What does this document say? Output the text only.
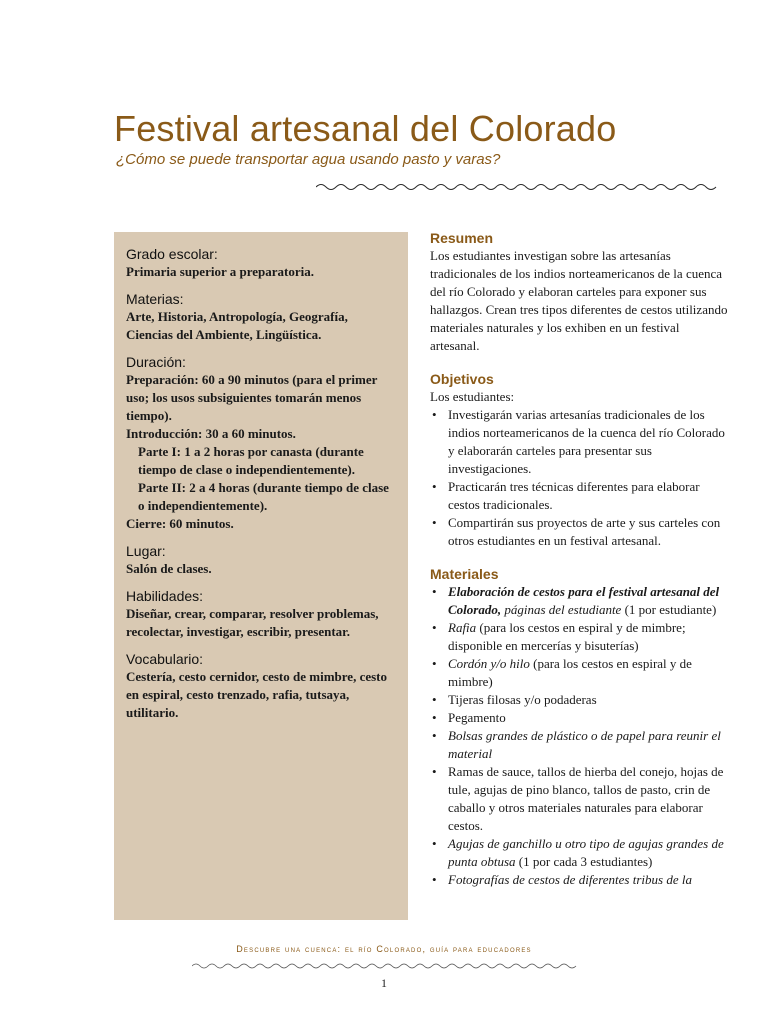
Festival artesanal del Colorado

¿Cómo se puede transportar agua usando pasto y varas?

Grado escolar:

Primaria superior a preparatoria.

Materias:

Arte, Historia, Antropología, Geografía, Ciencias del Ambiente, Lingüística.

Duración:

Preparación: 60 a 90 minutos (para el primer uso; los usos subsiguientes tomarán menos tiempo).

Introducción: 30 a 60 minutos.

Parte I: 1 a 2 horas por canasta (durante tiempo de clase o independientemente).

Parte II: 2 a 4 horas (durante tiempo de clase o independientemente).

Cierre: 60 minutos.

Lugar:

Salón de clases.

Habilidades:

Diseñar, crear, comparar, resolver problemas, recolectar, investigar, escribir, presentar.

Vocabulario:

Cestería, cesto cernidor, cesto de mimbre, cesto en espiral, cesto trenzado, rafia, tutsaya, utilitario.

Resumen

Los estudiantes investigan sobre las artesanías tradicionales de los indios norteamericanos de la cuenca del río Colorado y elaboran carteles para exponer sus hallazgos. Crean tres tipos diferentes de cestos utilizando materiales naturales y los exhiben en un festival artesanal.

Objetivos

Los estudiantes:

• Investigarán varias artesanías tradicionales de los indios norteamericanos de la cuenca del río Colorado y elaborarán carteles para presentar sus investigaciones.
• Practicarán tres técnicas diferentes para elaborar cestos tradicionales.
• Compartirán sus proyectos de arte y sus carteles con otros estudiantes en un festival artesanal.
Materiales
• Elaboración de cestos para el festival artesanal del Colorado, páginas del estudiante (1 por estudiante)
• Rafia (para los cestos en espiral y de mimbre; disponible en mercerías y bisuterías)
• Cordón y/o hilo (para los cestos en espiral y de mimbre)
• Tijeras filosas y/o podaderas
• Pegamento
• Bolsas grandes de plástico o de papel para reunir el material
• Ramas de sauce, tallos de hierba del conejo, hojas de tule, agujas de pino blanco, tallos de pasto, crin de caballo y otros materiales naturales para elaborar cestos.
• Agujas de ganchillo u otro tipo de agujas grandes de punta obtusa (1 por cada 3 estudiantes)
• Fotografías de cestos de diferentes tribus de la
Descubre una cuenca: el río Colorado, guía para educadores
1
